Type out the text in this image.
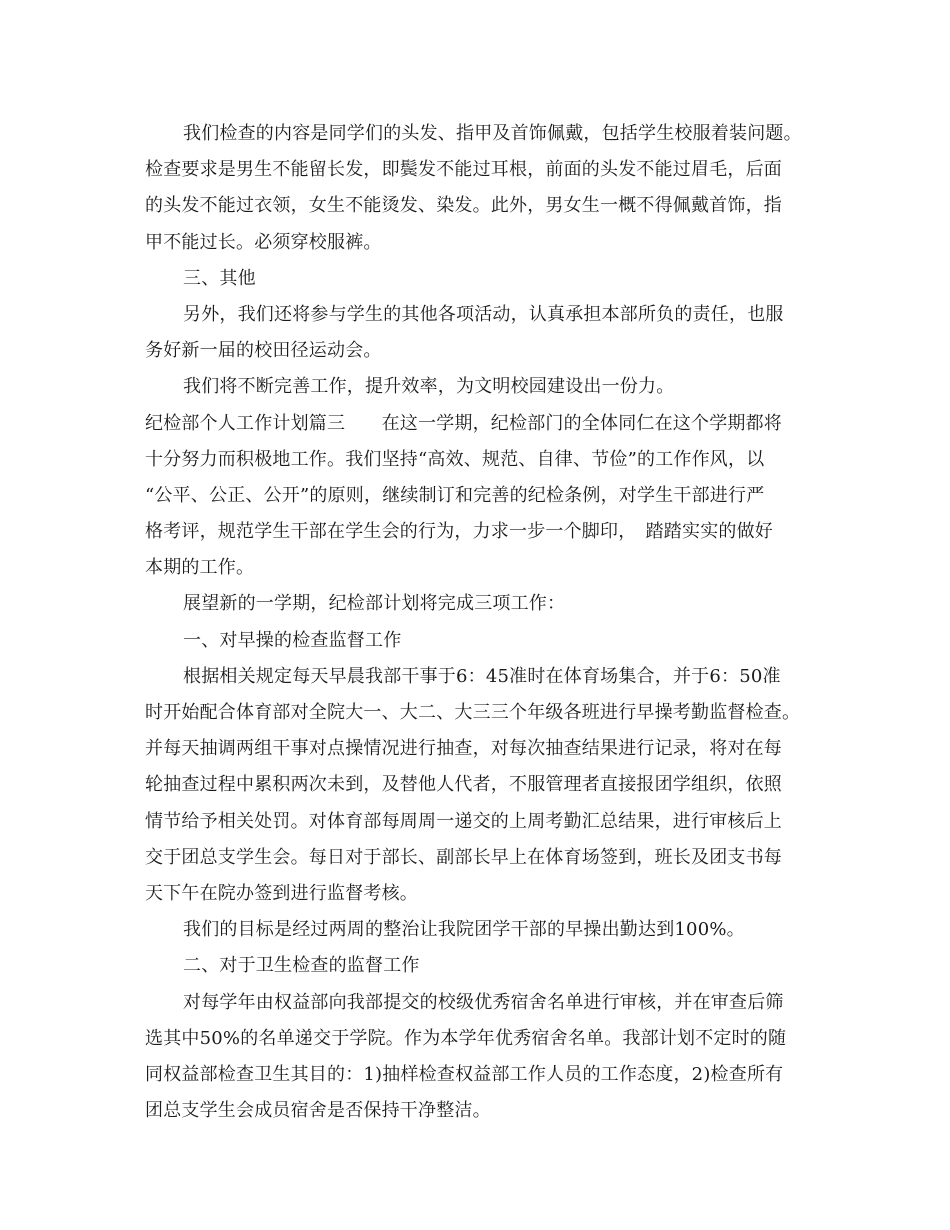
我们检查的内容是同学们的头发、指甲及首饰佩戴，包括学生校服着装问题。
检查要求是男生不能留长发，即鬓发不能过耳根，前面的头发不能过眉毛，后面
的头发不能过衣领，女生不能烫发、染发。此外，男女生一概不得佩戴首饰，指
甲不能过长。必须穿校服裤。
三、其他
另外，我们还将参与学生的其他各项活动，认真承担本部所负的责任，也服
务好新一届的校田径运动会。
我们将不断完善工作，提升效率，为文明校园建设出一份力。
纪检部个人工作计划篇三　　在这一学期，纪检部门的全体同仁在这个学期都将
十分努力而积极地工作。我们坚持“高效、规范、自律、节俭”的工作作风，以
“公平、公正、公开”的原则，继续制订和完善的纪检条例，对学生干部进行严
格考评，规范学生干部在学生会的行为，力求一步一个脚印，　踏踏实实的做好
本期的工作。
展望新的一学期，纪检部计划将完成三项工作：
一、对早操的检查监督工作
根据相关规定每天早晨我部干事于6：45准时在体育场集合，并于6：50准
时开始配合体育部对全院大一、大二、大三三个年级各班进行早操考勤监督检查。
并每天抽调两组干事对点操情况进行抽查，对每次抽查结果进行记录，将对在每
轮抽查过程中累积两次未到，及替他人代者，不服管理者直接报团学组织，依照
情节给予相关处罚。对体育部每周周一递交的上周考勤汇总结果，进行审核后上
交于团总支学生会。每日对于部长、副部长早上在体育场签到，班长及团支书每
天下午在院办签到进行监督考核。
我们的目标是经过两周的整治让我院团学干部的早操出勤达到100%。
二、对于卫生检查的监督工作
对每学年由权益部向我部提交的校级优秀宿舍名单进行审核，并在审查后筛
选其中50%的名单递交于学院。作为本学年优秀宿舍名单。我部计划不定时的随
同权益部检查卫生其目的：1)抽样检查权益部工作人员的工作态度，2)检查所有
团总支学生会成员宿舍是否保持干净整洁。
